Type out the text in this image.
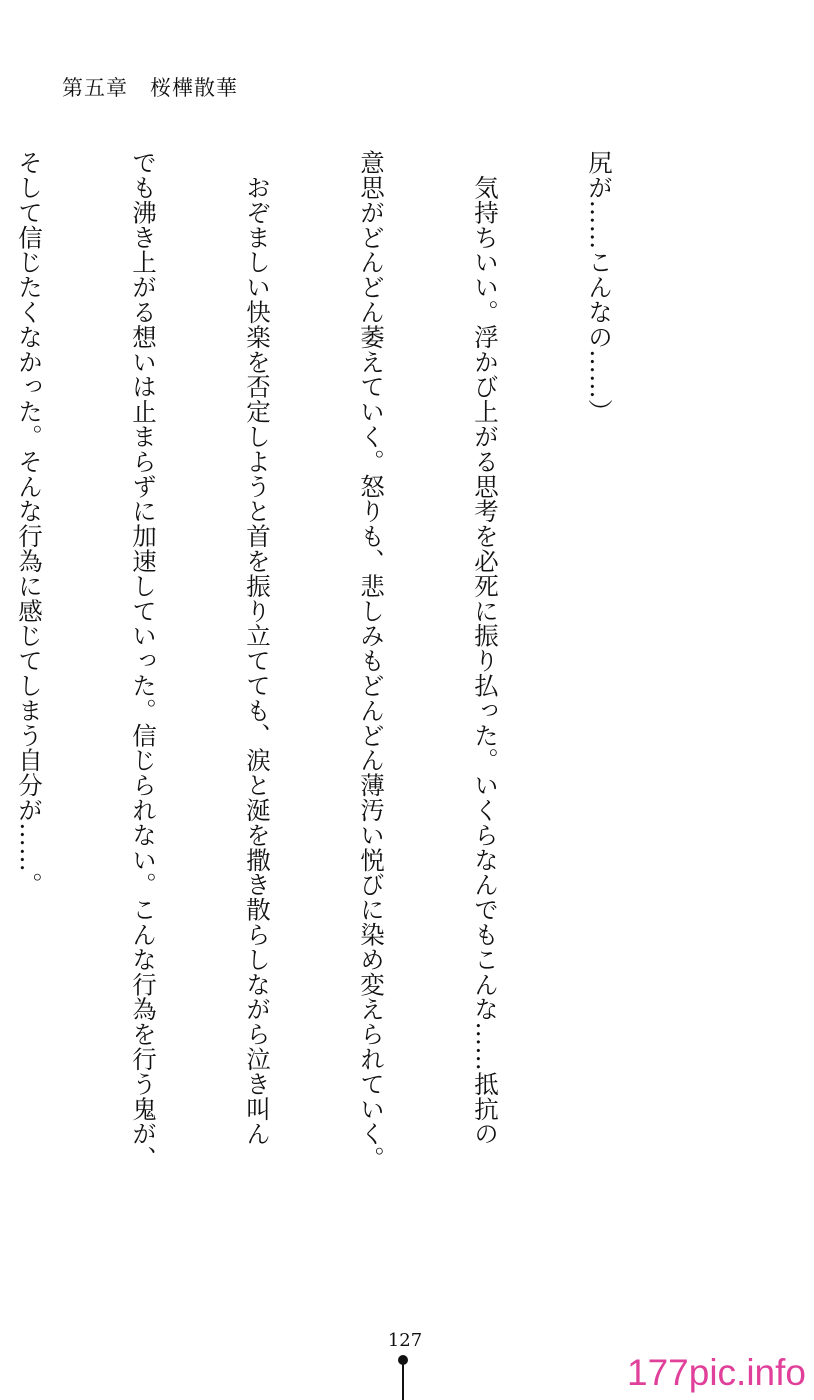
第五章　桜樺散華

尻が……こんなの……）

　気持ちいい。浮かび上がる思考を必死に振り払った。いくらなんでもこんな……抵抗の

意思がどんどん萎えていく。怒りも、悲しみもどんどん薄汚い悦びに染め変えられていく。

　おぞましい快楽を否定しようと首を振り立てても、涙と涎を撒き散らしながら泣き叫ん

でも沸き上がる想いは止まらずに加速していった。信じられない。こんな行為を行う鬼が、

そして信じたくなかった。そんな行為に感じてしまう自分が……。

127
177pic.info
